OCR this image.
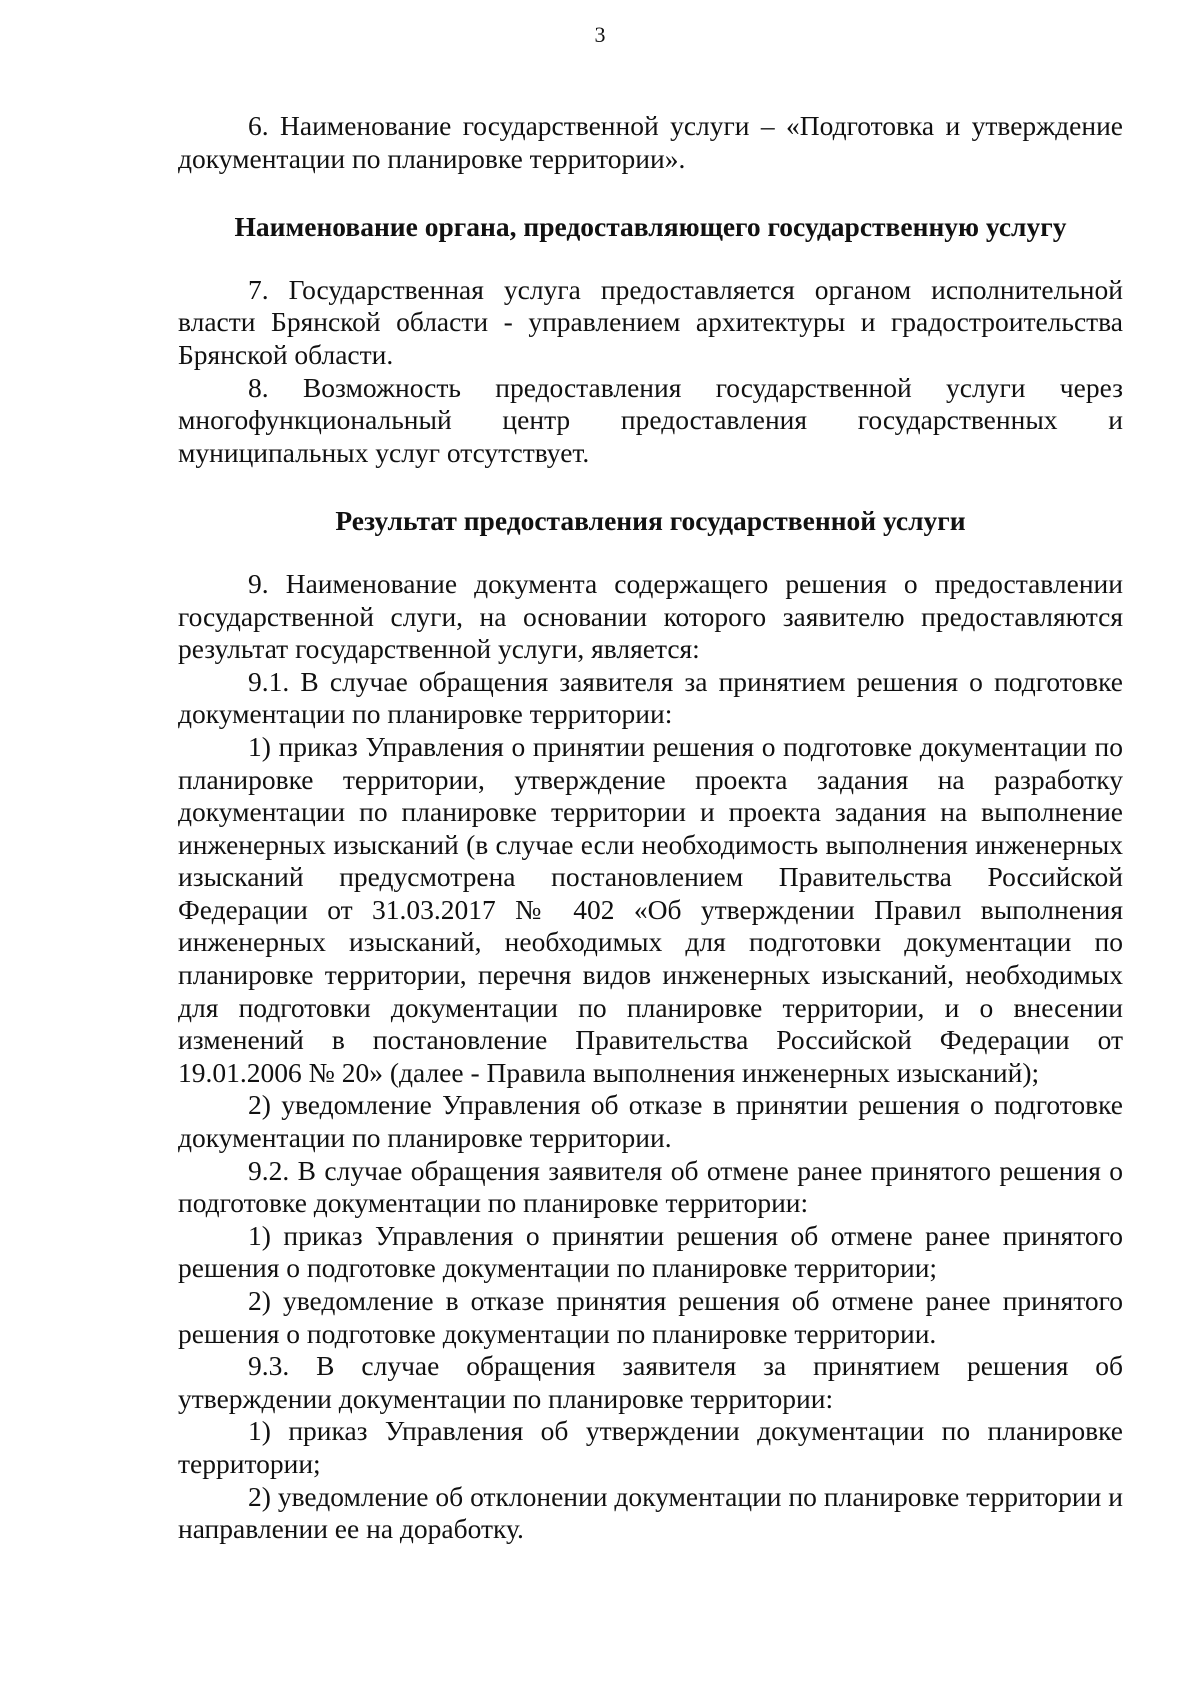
3

6. Наименование государственной услуги – «Подготовка и утверждение документации по планировке территории».

Наименование органа, предоставляющего государственную услугу

7. Государственная услуга предоставляется органом исполнительной власти Брянской области - управлением архитектуры и градостроительства Брянской области.

8. Возможность предоставления государственной услуги через многофункциональный центр предоставления государственных и муниципальных услуг отсутствует.

Результат предоставления государственной услуги

9. Наименование документа содержащего решения о предоставлении государственной слуги, на основании которого заявителю предоставляются результат государственной услуги, является:

9.1. В случае обращения заявителя за принятием решения о подготовке документации по планировке территории:

1) приказ Управления о принятии решения о подготовке документации по планировке территории, утверждение проекта задания на разработку документации по планировке территории и проекта задания на выполнение инженерных изысканий (в случае если необходимость выполнения инженерных изысканий предусмотрена постановлением Правительства Российской Федерации от 31.03.2017 № 402 «Об утверждении Правил выполнения инженерных изысканий, необходимых для подготовки документации по планировке территории, перечня видов инженерных изысканий, необходимых для подготовки документации по планировке территории, и о внесении изменений в постановление Правительства Российской Федерации от 19.01.2006 № 20» (далее - Правила выполнения инженерных изысканий);

2) уведомление Управления об отказе в принятии решения о подготовке документации по планировке территории.

9.2. В случае обращения заявителя об отмене ранее принятого решения о подготовке документации по планировке территории:

1) приказ Управления о принятии решения об отмене ранее принятого решения о подготовке документации по планировке территории;

2) уведомление в отказе принятия решения об отмене ранее принятого решения о подготовке документации по планировке территории.

9.3. В случае обращения заявителя за принятием решения об утверждении документации по планировке территории:

1) приказ Управления об утверждении документации по планировке территории;

2) уведомление об отклонении документации по планировке территории и направлении ее на доработку.
